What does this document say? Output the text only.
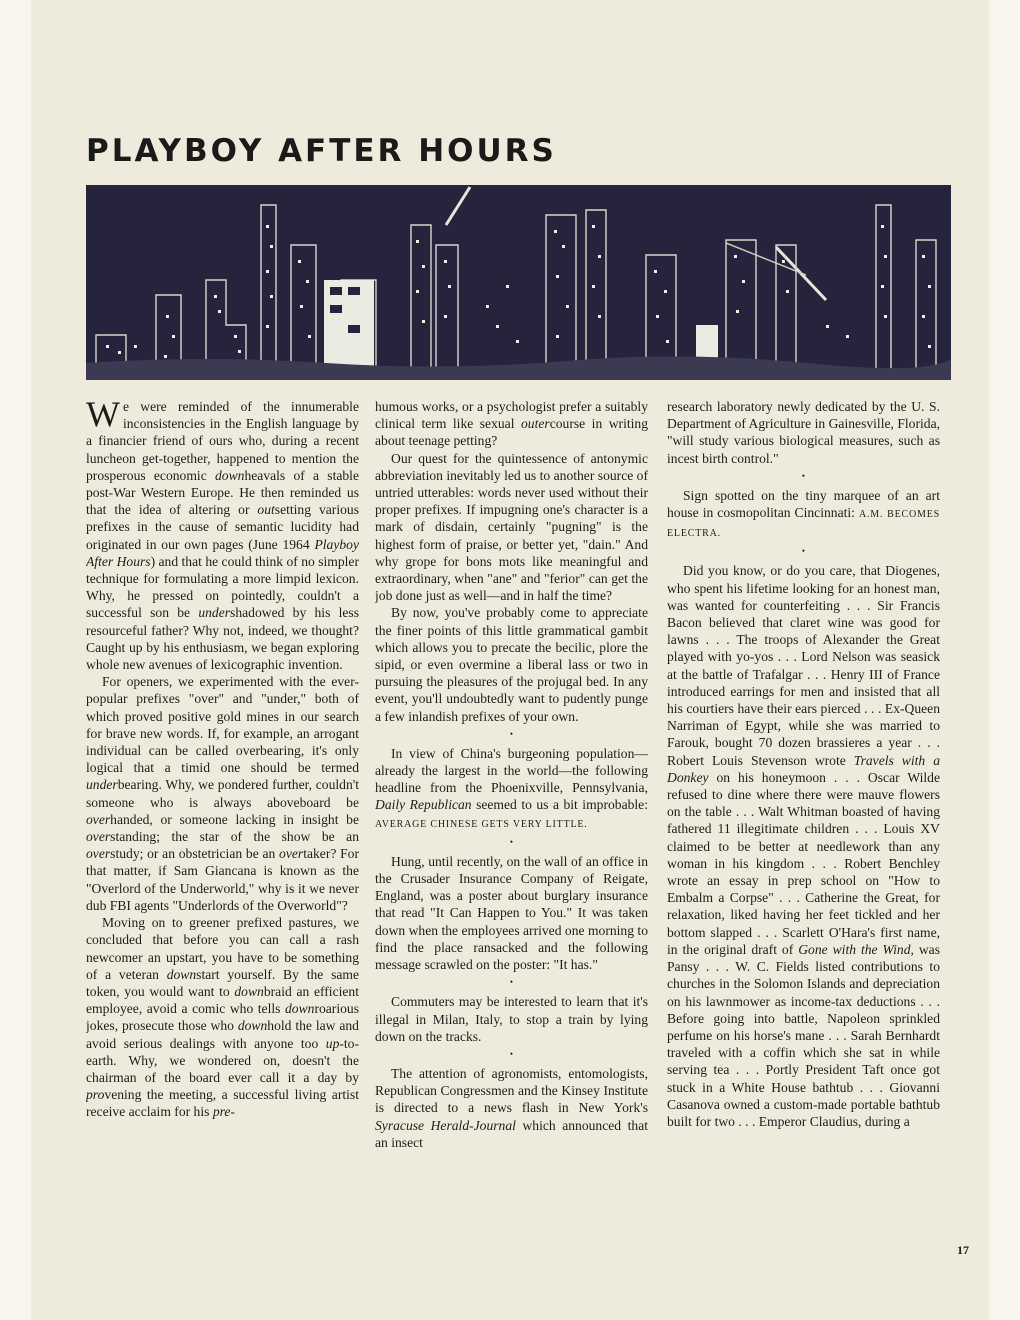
PLAYBOY AFTER HOURS

We were reminded of the innumerable inconsistencies in the English language by a financier friend of ours who, during a recent luncheon get-together, happened to mention the prosperous economic downheavals of a stable post-War Western Europe. He then reminded us that the idea of altering or outsetting various prefixes in the cause of semantic lucidity had originated in our own pages (June 1964 Playboy After Hours) and that he could think of no simpler technique for formulating a more limpid lexicon. Why, he pressed on pointedly, couldn't a successful son be undershadowed by his less resourceful father? Why not, indeed, we thought? Caught up by his enthusiasm, we began exploring whole new avenues of lexicographic invention.

For openers, we experimented with the ever-popular prefixes "over" and "under," both of which proved positive gold mines in our search for brave new words. If, for example, an arrogant individual can be called overbearing, it's only logical that a timid one should be termed underbearing. Why, we pondered further, couldn't someone who is always aboveboard be overhanded, or someone lacking in insight be overstanding; the star of the show be an overstudy; or an obstetrician be an overtaker? For that matter, if Sam Giancana is known as the "Overlord of the Underworld," why is it we never dub FBI agents "Underlords of the Overworld"?

Moving on to greener prefixed pastures, we concluded that before you can call a rash newcomer an upstart, you have to be something of a veteran downstart yourself. By the same token, you would want to downbraid an efficient employee, avoid a comic who tells downroarious jokes, prosecute those who downhold the law and avoid serious dealings with anyone too up-to-earth. Why, we wondered on, doesn't the chairman of the board ever call it a day by provening the meeting, a successful living artist receive acclaim for his pre-

humous works, or a psychologist prefer a suitably clinical term like sexual outercourse in writing about teenage petting?

Our quest for the quintessence of antonymic abbreviation inevitably led us to another source of untried utterables: words never used without their proper prefixes. If impugning one's character is a mark of disdain, certainly "pugning" is the highest form of praise, or better yet, "dain." And why grope for bons mots like meaningful and extraordinary, when "ane" and "ferior" can get the job done just as well—and in half the time?

By now, you've probably come to appreciate the finer points of this little grammatical gambit which allows you to precate the becilic, plore the sipid, or even overmine a liberal lass or two in pursuing the pleasures of the projugal bed. In any event, you'll undoubtedly want to pudently punge a few inlandish prefixes of your own.

•

In view of China's burgeoning population—already the largest in the world—the following headline from the Phoenixville, Pennsylvania, Daily Republican seemed to us a bit improbable: AVERAGE CHINESE GETS VERY LITTLE.

•

Hung, until recently, on the wall of an office in the Crusader Insurance Company of Reigate, England, was a poster about burglary insurance that read "It Can Happen to You." It was taken down when the employees arrived one morning to find the place ransacked and the following message scrawled on the poster: "It has."

•

Commuters may be interested to learn that it's illegal in Milan, Italy, to stop a train by lying down on the tracks.

•

The attention of agronomists, entomologists, Republican Congressmen and the Kinsey Institute is directed to a news flash in New York's Syracuse Herald-Journal which announced that an insect

research laboratory newly dedicated by the U. S. Department of Agriculture in Gainesville, Florida, "will study various biological measures, such as incest birth control."

•

Sign spotted on the tiny marquee of an art house in cosmopolitan Cincinnati: A.M. BECOMES ELECTRA.

•

Did you know, or do you care, that Diogenes, who spent his lifetime looking for an honest man, was wanted for counterfeiting . . . Sir Francis Bacon believed that claret wine was good for lawns . . . The troops of Alexander the Great played with yo-yos . . . Lord Nelson was seasick at the battle of Trafalgar . . . Henry III of France introduced earrings for men and insisted that all his courtiers have their ears pierced . . . Ex-Queen Narriman of Egypt, while she was married to Farouk, bought 70 dozen brassieres a year . . . Robert Louis Stevenson wrote Travels with a Donkey on his honeymoon . . . Oscar Wilde refused to dine where there were mauve flowers on the table . . . Walt Whitman boasted of having fathered 11 illegitimate children . . . Louis XV claimed to be better at needlework than any woman in his kingdom . . . Robert Benchley wrote an essay in prep school on "How to Embalm a Corpse" . . . Catherine the Great, for relaxation, liked having her feet tickled and her bottom slapped . . . Scarlett O'Hara's first name, in the original draft of Gone with the Wind, was Pansy . . . W. C. Fields listed contributions to churches in the Solomon Islands and depreciation on his lawnmower as income-tax deductions . . . Before going into battle, Napoleon sprinkled perfume on his horse's mane . . . Sarah Bernhardt traveled with a coffin which she sat in while serving tea . . . Portly President Taft once got stuck in a White House bathtub . . . Giovanni Casanova owned a custom-made portable bathtub built for two . . . Emperor Claudius, during a

17
